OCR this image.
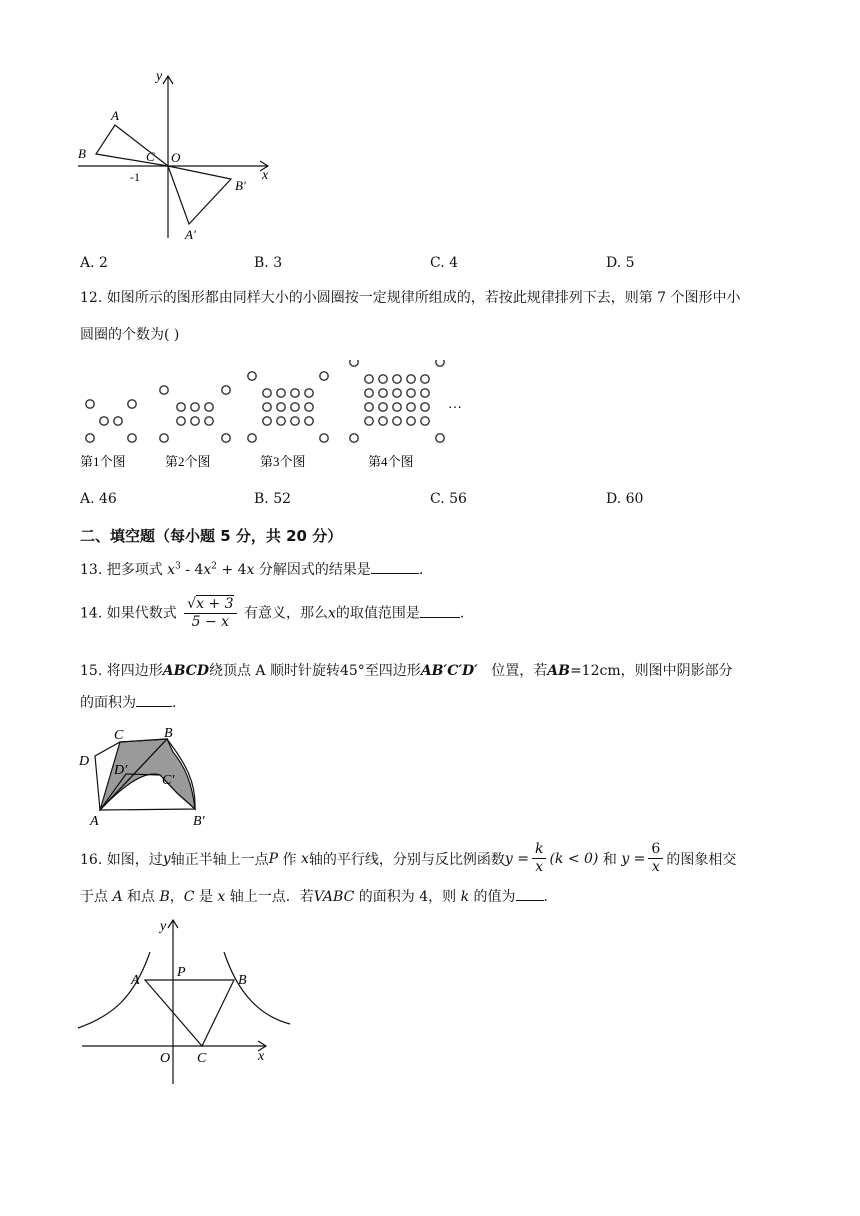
y
x
O
A
B	C
-1
B′
A′
A. 2	B. 3	C. 4	D. 5
12. 如图所示的图形都由同样大小的小圆圈按一定规律所组成的，若按此规律排列下去，则第 7 个图形中小
圆圈的个数为( )
···
第1个图	第2个图	第3个图	第4个图
A. 46	B. 52	C. 56	D. 60
二、填空题（每小题 5 分，共 20 分）
13. 把多项式 $x^3 - 4x^2 + 4x$ 分解因式的结果是	.
14. 如果代数式 $\frac{√x + 3}{5 - x}$ 有意义，那么x的取值范围是	.
15. 将四边形ABCD绕顶点 A 顺时针旋转45°至四边形AB′C′D′ 位置，若AB=12cm，则图中阴影部分
的面积为	.
C	B
D
D′
C′
A	B′
16. 如图，过 y 轴正半轴上一点 P
作
x 轴的平行线，分别与反比例函数 $y = \frac{k}{x} (k < 0)$
和
$y = \frac{6}{x}$ 的图象相交
于点 A 和点 B，C 是 x 轴上一点．若VABC 的面积为 4，则 k 的值为 .
y
x
O
A
P
B
C
